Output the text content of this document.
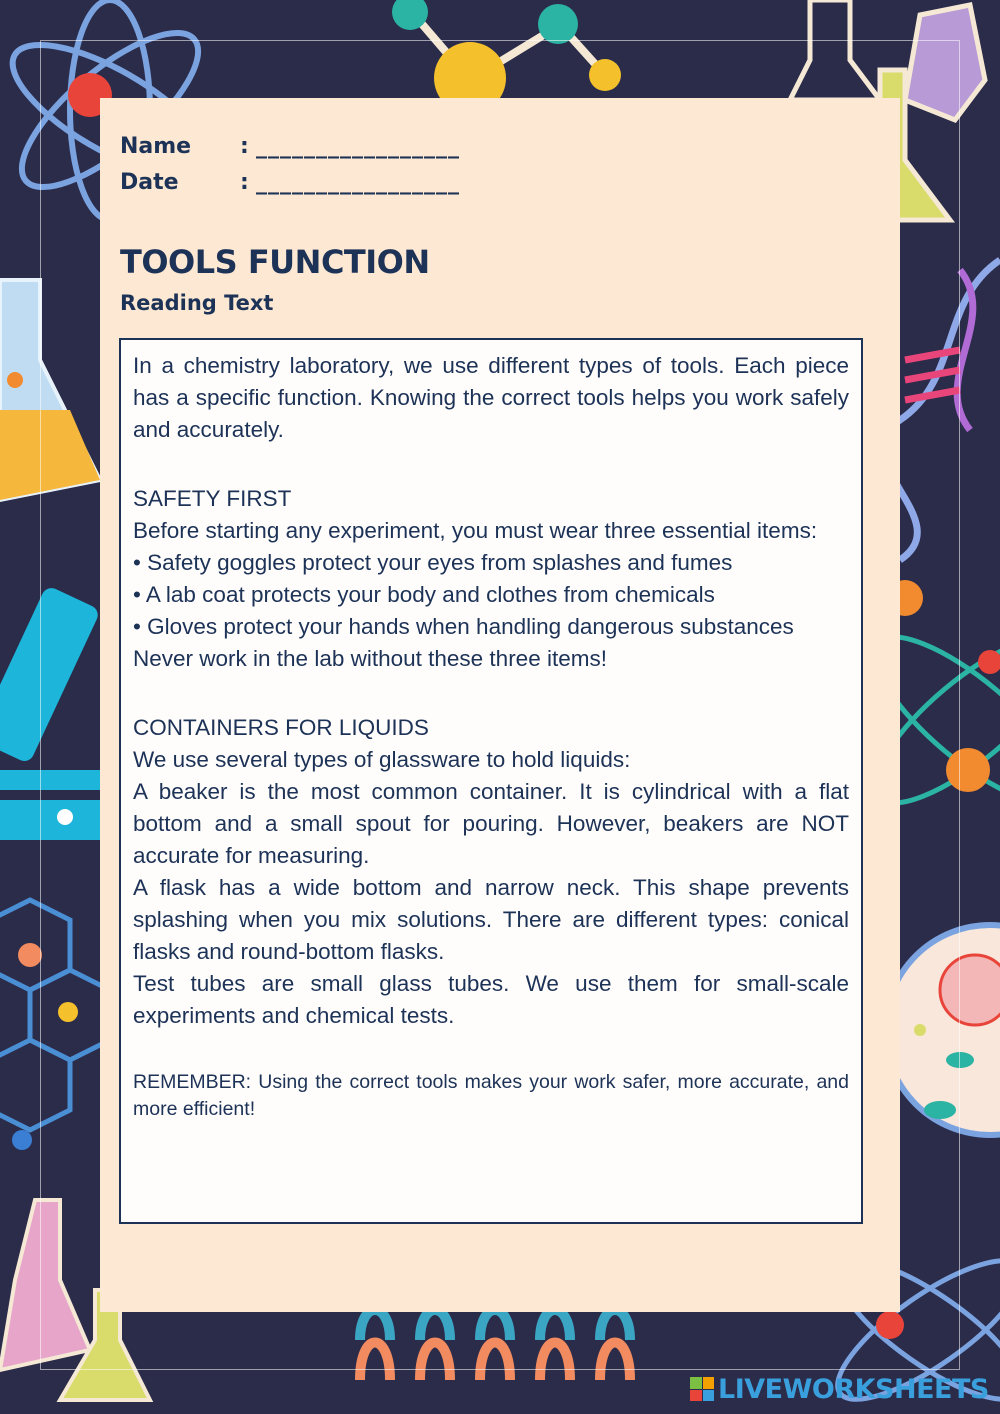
Name	: _________________
Date	: _________________
TOOLS FUNCTION
Reading Text

In a chemistry laboratory, we use different types of tools. Each piece has a specific function. Knowing the correct tools helps you work safely and accurately.

SAFETY FIRST

Before starting any experiment, you must wear three essential items:

• Safety goggles protect your eyes from splashes and fumes

• A lab coat protects your body and clothes from chemicals

• Gloves protect your hands when handling dangerous substances

Never work in the lab without these three items!

CONTAINERS FOR LIQUIDS

We use several types of glassware to hold liquids:

A beaker is the most common container. It is cylindrical with a flat bottom and a small spout for pouring. However, beakers are NOT accurate for measuring.

A flask has a wide bottom and narrow neck. This shape prevents splashing when you mix solutions. There are different types: conical flasks and round-bottom flasks.

Test tubes are small glass tubes. We use them for small-scale experiments and chemical tests.

REMEMBER: Using the correct tools makes your work safer, more accurate, and more efficient!

LIVEWORKSHEETS
